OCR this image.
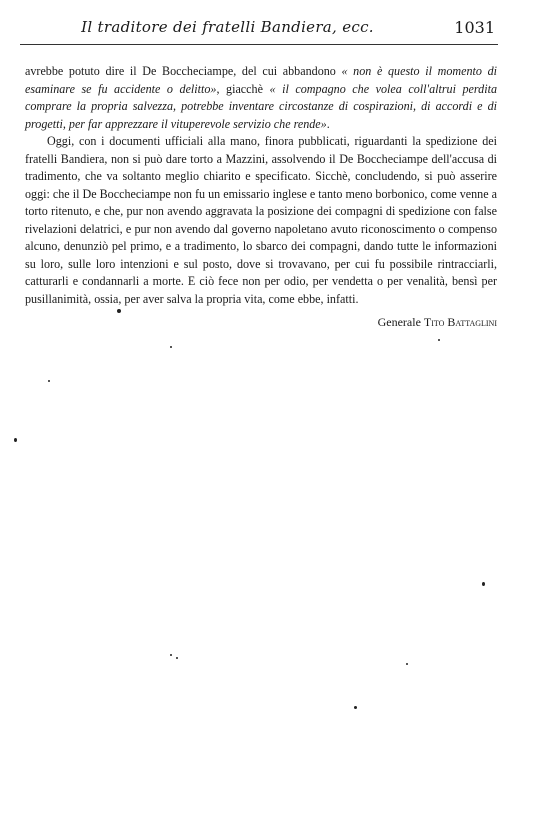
Il traditore dei fratelli Bandiera, ecc.	1031

avrebbe potuto dire il De Boccheciampe, del cui abbandono « non è questo il momento di esaminare se fu accidente o delitto», giacchè « il compagno che volea coll'altrui perdita comprare la propria salvezza, potrebbe inventare circostanze di cospirazioni, di accordi e di progetti, per far apprezzare il vituperevole servizio che rende».

Oggi, con i documenti ufficiali alla mano, finora pubblicati, riguardanti la spedizione dei fratelli Bandiera, non si può dare torto a Mazzini, assolvendo il De Boccheciampe dell'accusa di tradimento, che va soltanto meglio chiarito e specificato. Sicchè, concludendo, si può asserire oggi: che il De Boccheciampe non fu un emissario inglese e tanto meno borbonico, come venne a torto ritenuto, e che, pur non avendo aggravata la posizione dei compagni di spedizione con false rivelazioni delatrici, e pur non avendo dal governo napoletano avuto riconoscimento o compenso alcuno, denunziò pel primo, e a tradimento, lo sbarco dei compagni, dando tutte le informazioni su loro, sulle loro intenzioni e sul posto, dove si trovavano, per cui fu possibile rintracciarli, catturarli e condannarli a morte. E ciò fece non per odio, per vendetta o per venalità, bensì per pusillanimità, ossia, per aver salva la propria vita, come ebbe, infatti.

Generale Tito Battaglini
